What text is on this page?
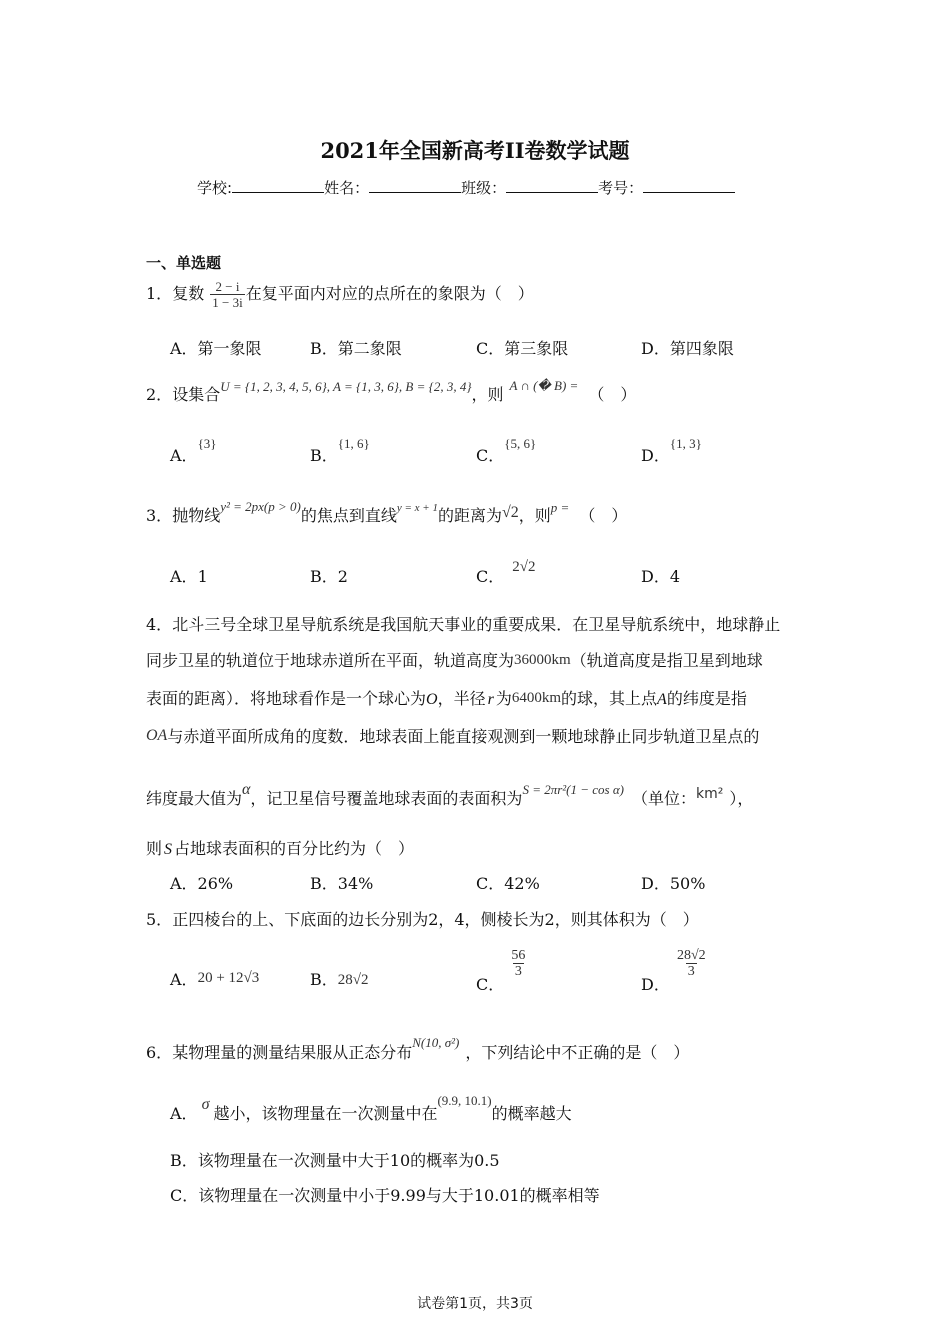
2021年全国新高考II卷数学试题
学校:	姓名：	班级：	考号：
一、单选题
1．复数 $\frac{2 - i}{1 - 3i}$ 在复平面内对应的点所在的象限为（　）
A．第一象限	B．第二象限	C．第三象限	D．第四象限
2．设集合$^{U = \{1, 2, 3, 4, 5, 6\}, A = \{1, 3, 6\}, B = \{2, 3, 4\}}$，则 $^{A \cap (� B) =}$ （　）
A．$^{\{3\}}$
B．$^{\{1, 6\}}$
C．$^{\{5, 6\}}$
D．$^{\{1, 3\}}$
3．抛物线$^{y^2 = 2px(p > 0)}$的焦点到直线$^{y = x + 1}$的距离为√2，则$^{p =}$ （　）
A．1	B．2	C． 2√2	D．4
4．北斗三号全球卫星导航系统是我国航天事业的重要成果．在卫星导航系统中，地球静止
同步卫星的轨道位于地球赤道所在平面，轨道高度为36000km（轨道高度是指卫星到地球
表面的距离）．将地球看作是一个球心为O，半径 r 为6400km的球，其上点A的纬度是指
OA与赤道平面所成角的度数．地球表面上能直接观测到一颗地球静止同步轨道卫星点的
纬度最大值为α，记卫星信号覆盖地球表面的表面积为$^{S = 2\pi r^2(1 - cos \alpha)}$ （单位：km² ），
则 S 占地球表面积的百分比约为（　）
A．26%	B．34%	C．42%	D．50%
5．正四棱台的上、下底面的边长分别为2，4，侧棱长为2，则其体积为（　）
A．20 + 12√3	B．28√2	C．
$\frac{56}{3}$
D．
$\frac{28√2}{3}$
6．某物理量的测量结果服从正态分布$^{N(10, \sigma^2)}$，下列结论中不正确的是（　）
A． σ 越小，该物理量在一次测量中在$^{(9.9, 10.1)}$的概率越大
B．该物理量在一次测量中大于10的概率为0.5
C．该物理量在一次测量中小于9.99与大于10.01的概率相等
试卷第1页，共3页
